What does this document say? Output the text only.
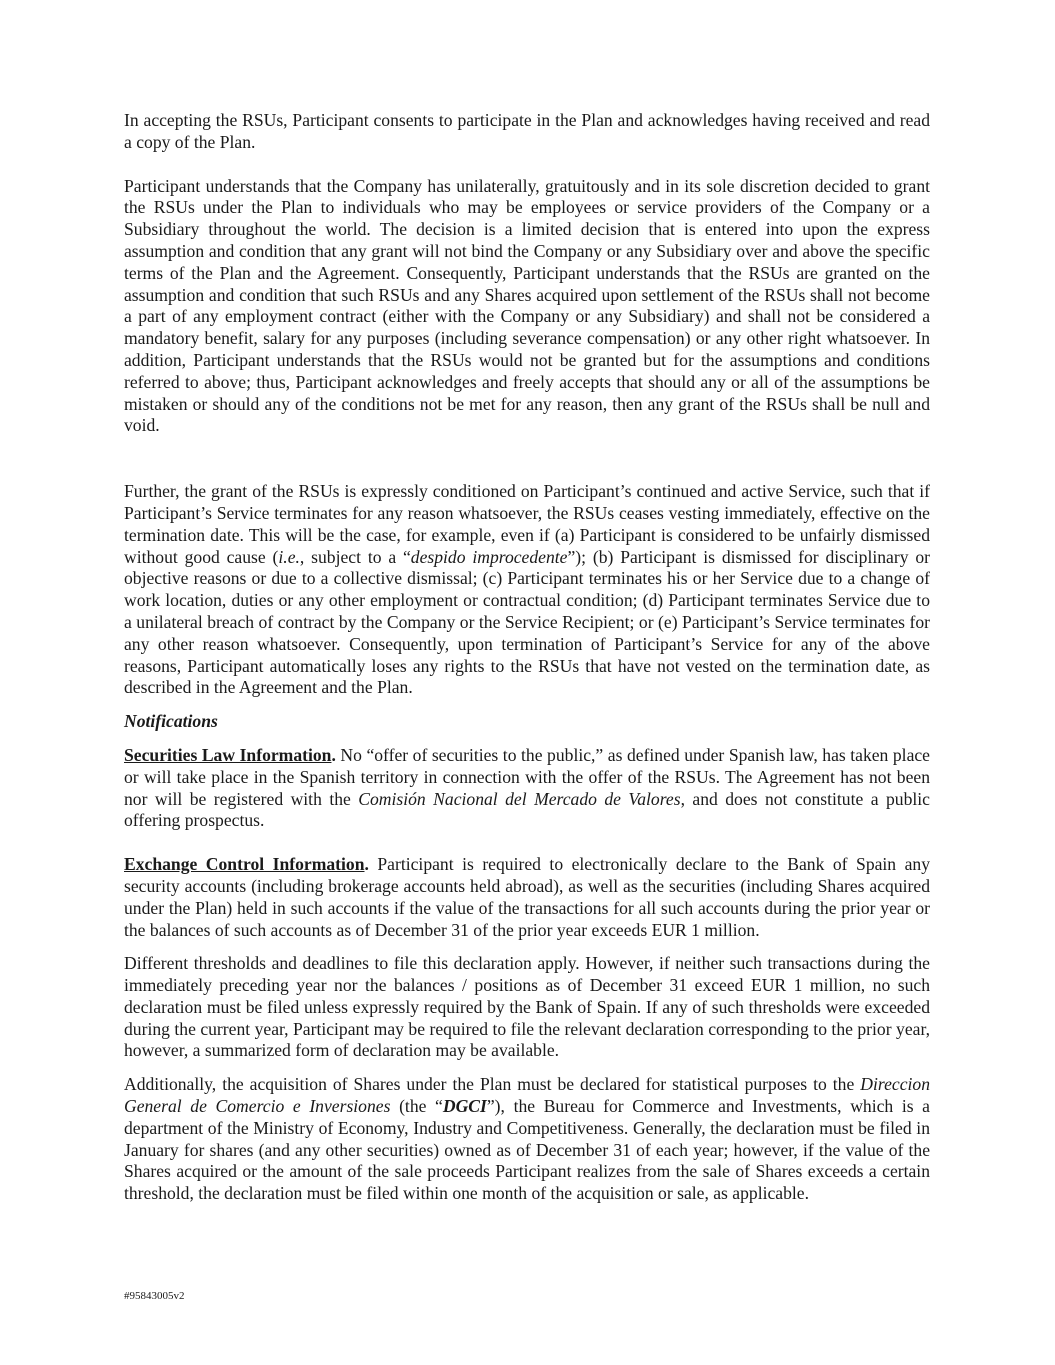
In accepting the RSUs, Participant consents to participate in the Plan and acknowledges having received and read a copy of the Plan.

Participant understands that the Company has unilaterally, gratuitously and in its sole discretion decided to grant the RSUs under the Plan to individuals who may be employees or service providers of the Company or a Subsidiary throughout the world. The decision is a limited decision that is entered into upon the express assumption and condition that any grant will not bind the Company or any Subsidiary over and above the specific terms of the Plan and the Agreement. Consequently, Participant understands that the RSUs are granted on the assumption and condition that such RSUs and any Shares acquired upon settlement of the RSUs shall not become a part of any employment contract (either with the Company or any Subsidiary) and shall not be considered a mandatory benefit, salary for any purposes (including severance compensation) or any other right whatsoever. In addition, Participant understands that the RSUs would not be granted but for the assumptions and conditions referred to above; thus, Participant acknowledges and freely accepts that should any or all of the assumptions be mistaken or should any of the conditions not be met for any reason, then any grant of the RSUs shall be null and void.

Further, the grant of the RSUs is expressly conditioned on Participant’s continued and active Service, such that if Participant’s Service terminates for any reason whatsoever, the RSUs ceases vesting immediately, effective on the termination date. This will be the case, for example, even if (a) Participant is considered to be unfairly dismissed without good cause (i.e., subject to a “despido improcedente”); (b) Participant is dismissed for disciplinary or objective reasons or due to a collective dismissal; (c) Participant terminates his or her Service due to a change of work location, duties or any other employment or contractual condition; (d) Participant terminates Service due to a unilateral breach of contract by the Company or the Service Recipient; or (e) Participant’s Service terminates for any other reason whatsoever. Consequently, upon termination of Participant’s Service for any of the above reasons, Participant automatically loses any rights to the RSUs that have not vested on the termination date, as described in the Agreement and the Plan.

Notifications

Securities Law Information. No “offer of securities to the public,” as defined under Spanish law, has taken place or will take place in the Spanish territory in connection with the offer of the RSUs. The Agreement has not been nor will be registered with the Comisión Nacional del Mercado de Valores, and does not constitute a public offering prospectus.

Exchange Control Information. Participant is required to electronically declare to the Bank of Spain any security accounts (including brokerage accounts held abroad), as well as the securities (including Shares acquired under the Plan) held in such accounts if the value of the transactions for all such accounts during the prior year or the balances of such accounts as of December 31 of the prior year exceeds EUR 1 million.

Different thresholds and deadlines to file this declaration apply. However, if neither such transactions during the immediately preceding year nor the balances / positions as of December 31 exceed EUR 1 million, no such declaration must be filed unless expressly required by the Bank of Spain. If any of such thresholds were exceeded during the current year, Participant may be required to file the relevant declaration corresponding to the prior year, however, a summarized form of declaration may be available.

Additionally, the acquisition of Shares under the Plan must be declared for statistical purposes to the Direccion General de Comercio e Inversiones (the “DGCI”), the Bureau for Commerce and Investments, which is a department of the Ministry of Economy, Industry and Competitiveness. Generally, the declaration must be filed in January for shares (and any other securities) owned as of December 31 of each year; however, if the value of the Shares acquired or the amount of the sale proceeds Participant realizes from the sale of Shares exceeds a certain threshold, the declaration must be filed within one month of the acquisition or sale, as applicable.

#95843005v2
